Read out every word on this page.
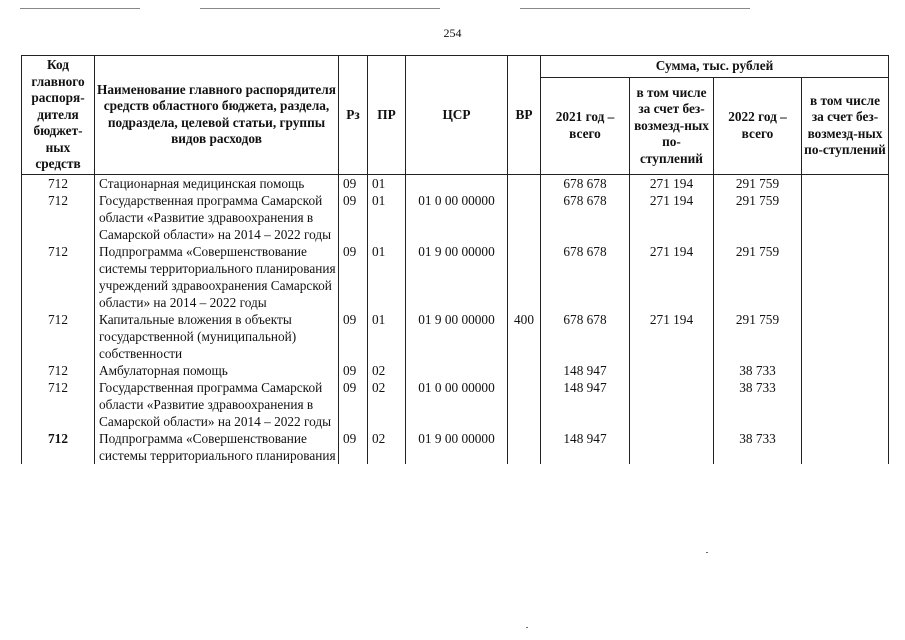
254
Код главного распоря-дителя бюджет-ных средств	Наименование главного распорядителя средств областного бюджета, раздела, подраздела, целевой статьи, группы видов расходов	Рз	ПР	ЦСР	ВР	Сумма, тыс. рублей			
						2021 год – всего	в том числе за счет без-возмезд-ных по-ступлений	2022 год – всего	в том числе за счет без-возмезд-ных по-ступлений
712	Стационарная медицинская помощь	09	01			678 678	271 194	291 759	
712	Государственная программа Самарской области «Развитие здравоохранения в Самарской области» на 2014 – 2022 годы	09	01	01 0 00 00000		678 678	271 194	291 759	
712	Подпрограмма «Совершенствование системы территориального планирования учреждений здравоохранения Самарской области» на 2014 – 2022 годы	09	01	01 9 00 00000		678 678	271 194	291 759	
712	Капитальные вложения в объекты государственной (муниципальной) собственности	09	01	01 9 00 00000	400	678 678	271 194	291 759	
712	Амбулаторная помощь	09	02			148 947		38 733	
712	Государственная программа Самарской области «Развитие здравоохранения в Самарской области» на 2014 – 2022 годы	09	02	01 0 00 00000		148 947		38 733	
712	Подпрограмма «Совершенствование системы территориального планирования	09	02	01 9 00 00000		148 947		38 733	
